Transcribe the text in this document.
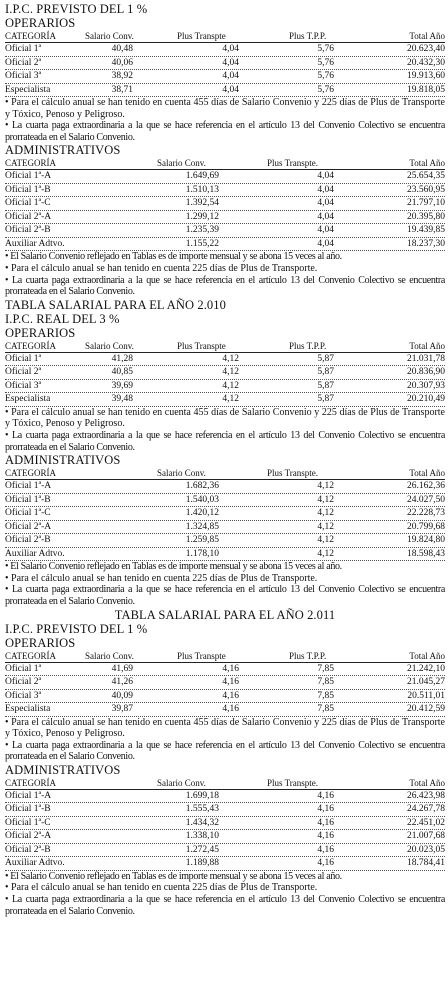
I.P.C. PREVISTO DEL 1 %
OPERARIOS
CATEGORÍA	Salario Conv.	Plus Transpte	Plus T.P.P.	Total Año
Oficial 1ª	40,48	4,04	5,76	20.623,40
Oficial 2ª	40,06	4,04	5,76	20.432,30
Oficial 3ª	38,92	4,04	5,76	19.913,60
Especialista	38,71	4,04	5,76	19.818,05
• Para el cálculo anual se han tenido en cuenta 455 días de Salario Convenio y 225 días de Plus de Transporte y Tóxico, Penoso y Peligroso.
• La cuarta paga extraordinaria a la que se hace referencia en el artículo 13 del Convenio Colectivo se encuentra prorrateada en el Salario Convenio.
ADMINISTRATIVOS
CATEGORÍA	Salario Conv.	Plus Transpte.	Total Año
Oficial 1ª-A	1.649,69	4,04	25.654,35
Oficial 1ª-B	1.510,13	4,04	23.560,95
Oficial 1ª-C	1.392,54	4,04	21.797,10
Oficial 2ª-A	1.299,12	4,04	20.395,80
Oficial 2ª-B	1.235,39	4,04	19.439,85
Auxiliar Adtvo.	1.155,22	4,04	18.237,30
• El Salario Convenio reflejado en Tablas es de importe mensual y se abona 15 veces al año.
• Para el cálculo anual se han tenido en cuenta 225 días de Plus de Transporte.
• La cuarta paga extraordinaria a la que se hace referencia en el artículo 13 del Convenio Colectivo se encuentra prorrateada en el Salario Convenio.
TABLA SALARIAL PARA EL AÑO 2.010
I.P.C. REAL DEL 3 %
OPERARIOS
CATEGORÍA	Salario Conv.	Plus Transpte	Plus T.P.P.	Total Año
Oficial 1ª	41,28	4,12	5,87	21.031,78
Oficial 2ª	40,85	4,12	5,87	20.836,90
Oficial 3ª	39,69	4,12	5,87	20.307,93
Especialista	39,48	4,12	5,87	20.210,49
• Para el cálculo anual se han tenido en cuenta 455 días de Salario Convenio y 225 días de Plus de Transporte y Tóxico, Penoso y Peligroso.
• La cuarta paga extraordinaria a la que se hace referencia en el artículo 13 del Convenio Colectivo se encuentra prorrateada en el Salario Convenio.
ADMINISTRATIVOS
CATEGORÍA	Salario Conv.	Plus Transpte.	Total Año
Oficial 1ª-A	1.682,36	4,12	26.162,36
Oficial 1ª-B	1.540,03	4,12	24.027,50
Oficial 1ª-C	1.420,12	4,12	22.228,73
Oficial 2ª-A	1.324,85	4,12	20.799,68
Oficial 2ª-B	1.259,85	4,12	19.824,80
Auxiliar Adtvo.	1.178,10	4,12	18.598,43
• El Salario Convenio reflejado en Tablas es de importe mensual y se abona 15 veces al año.
• Para el cálculo anual se han tenido en cuenta 225 días de Plus de Transporte.
• La cuarta paga extraordinaria a la que se hace referencia en el artículo 13 del Convenio Colectivo se encuentra prorrateada en el Salario Convenio.
TABLA SALARIAL PARA EL AÑO 2.011
I.P.C. PREVISTO DEL 1 %
OPERARIOS
CATEGORÍA	Salario Conv.	Plus Transpte	Plus T.P.P.	Total Año
Oficial 1ª	41,69	4,16	7,85	21.242,10
Oficial 2ª	41,26	4,16	7,85	21.045,27
Oficial 3ª	40,09	4,16	7,85	20.511,01
Especialista	39,87	4,16	7,85	20.412,59
• Para el cálculo anual se han tenido en cuenta 455 días de Salario Convenio y 225 días de Plus de Transporte y Tóxico, Penoso y Peligroso.
• La cuarta paga extraordinaria a la que se hace referencia en el artículo 13 del Convenio Colectivo se encuentra prorrateada en el Salario Convenio.
ADMINISTRATIVOS
CATEGORÍA	Salario Conv.	Plus Transpte.	Total Año
Oficial 1ª-A	1.699,18	4,16	26.423,98
Oficial 1ª-B	1.555,43	4,16	24.267,78
Oficial 1ª-C	1.434,32	4,16	22.451,02
Oficial 2ª-A	1.338,10	4,16	21.007,68
Oficial 2ª-B	1.272,45	4,16	20.023,05
Auxiliar Adtvo.	1.189,88	4,16	18.784,41
• El Salario Convenio reflejado en Tablas es de importe mensual y se abona 15 veces al año.
• Para el cálculo anual se han tenido en cuenta 225 días de Plus de Transporte.
• La cuarta paga extraordinaria a la que se hace referencia en el artículo 13 del Convenio Colectivo se encuentra prorrateada en el Salario Convenio.
